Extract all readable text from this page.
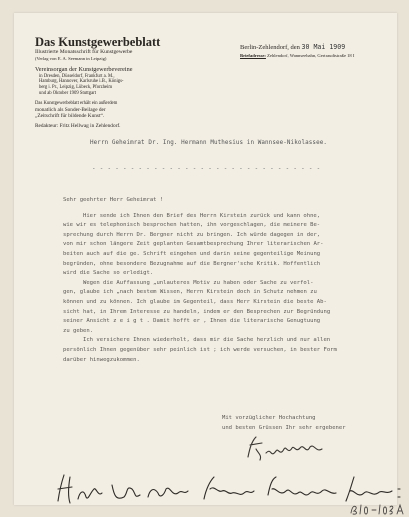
Das Kunstgewerbeblatt
Illustrierte Monatsschrift für Kunstgewerbe
(Verlag von E. A. Seemann in Leipzig)
Vereinsorgan der Kunstgewerbevereine
in Dresden, Düsseldorf, Frankfurt a. M.,
Hamburg, Hannover, Karlsruhe i.B., Königs-
berg i. Pr., Leipzig, Lübeck, Pforzheim
und ab Oktober 1909 Stuttgart
Das Kunstgewerbeblatt erhält ein außerdem
monatlich als Sonder-Beilage der
„Zeitschrift für bildende Kunst“.
Redakteur: Fritz Hellwag in Zehlendorf.
Berlin-Zehlendorf, den 30 Mai 1909
Briefadresse: Zehlendorf, Wannseebahn, Gertraudtstraße 18 I
Herrn Geheimrat Dr. Ing. Hermann Muthesius in Wannsee-Nikolassee.
------------------------------
Sehr geehrter Herr Geheimrat !
Hier sende ich Ihnen den Brief des Herrn Kirstein zurück und kann ohne,
wie wir es telephonisch besprochen hatten, ihn vorgeschlagen, die meinere Be-
sprechung durch Herrn Dr. Bergner nicht zu bringen. Ich würde dagegen in der,
von mir schon längere Zeit geplanten Gesamtbesprechung Ihrer literarischen Ar-
beiten auch auf die ge. Schrift eingehen und darin seine gegenteilige Meinung
begründen, ohne besondere Bezugnahme auf die Bergner'sche Kritik. Hoffentlich
wird die Sache so erledigt.
Wegen die Auffassung „unlauteres Motiv zu haben oder Sache zu verfol-
gen, glaube ich „nach bestem Wissen, Herrn Kirstein doch in Schutz nehmen zu
können und zu können. Ich glaube im Gegenteil, dass Herr Kirstein die beste Ab-
sicht hat, in Ihrem Interesse zu handeln, indem er den Besprechen zur Begründung
seiner Ansicht z e i g t . Damit hofft er , Ihnen die literarische Genugtuung
zu geben.
Ich versichere Ihnen wiederholt, dass mir die Sache herzlich und nur allen
persönlich Ihnen gegenüber sehr peinlich ist ; ich werde versuchen, in bester Form
darüber hinwegzukommen.
Mit vorzüglicher Hochachtung
und besten Grüssen Ihr sehr ergebener
